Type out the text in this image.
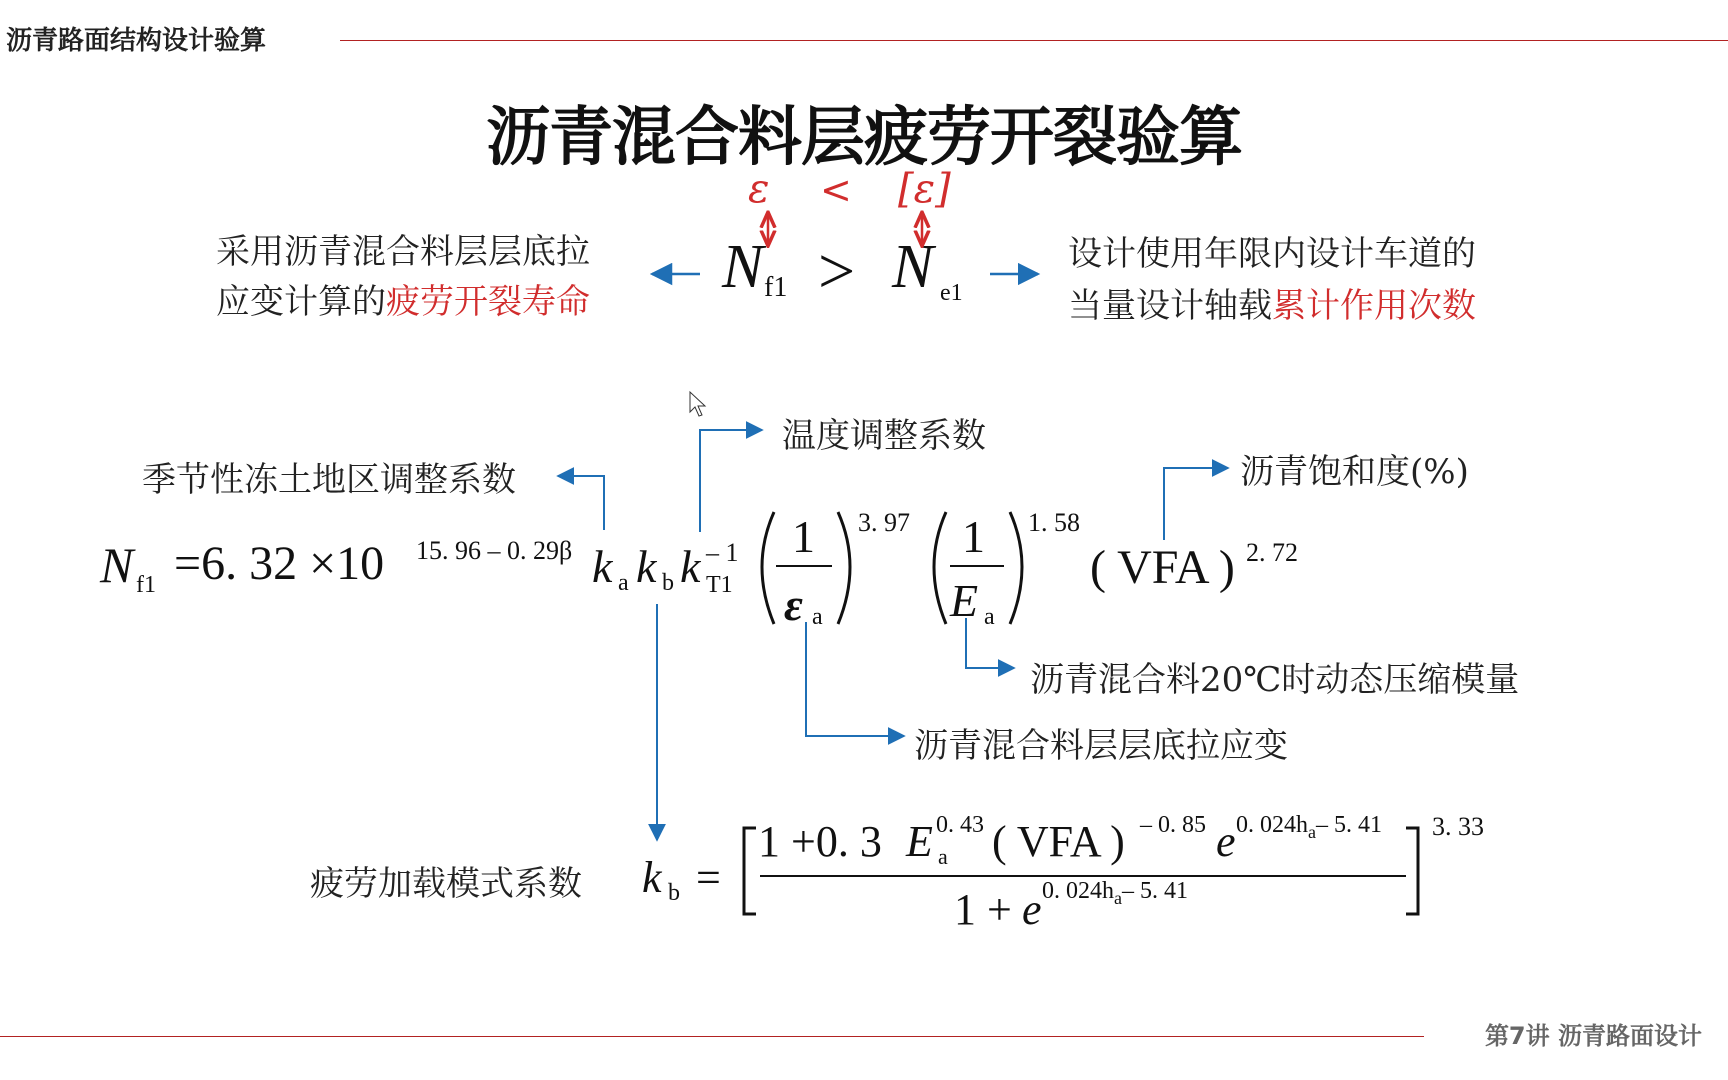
沥青路面结构设计验算
沥青混合料层疲劳开裂验算
ε < [ε]
采用沥青混合料层层底拉
应变计算的疲劳开裂寿命
N f1 > N e1
设计使用年限内设计车道的
当量设计轴载累计作用次数
温度调整系数
季节性冻土地区调整系数	沥青饱和度(%)
沥青混合料20℃时动态压缩模量
沥青混合料层层底拉应变
疲劳加载模式系数
N f1 =6. 32 ×10 15. 96 – 0. 29β k a k b k – 1
T1
1
ε a
3. 97 1
E a
1. 58
( VFA ) 2. 72
k b =
1 +0. 3 E 0. 43
a ( VFA ) – 0. 85 e 0. $024h_a-$ 5. 41
1 + e 0. $024h_a-$ 5. 41
3. 33
第7讲 沥青路面设计
